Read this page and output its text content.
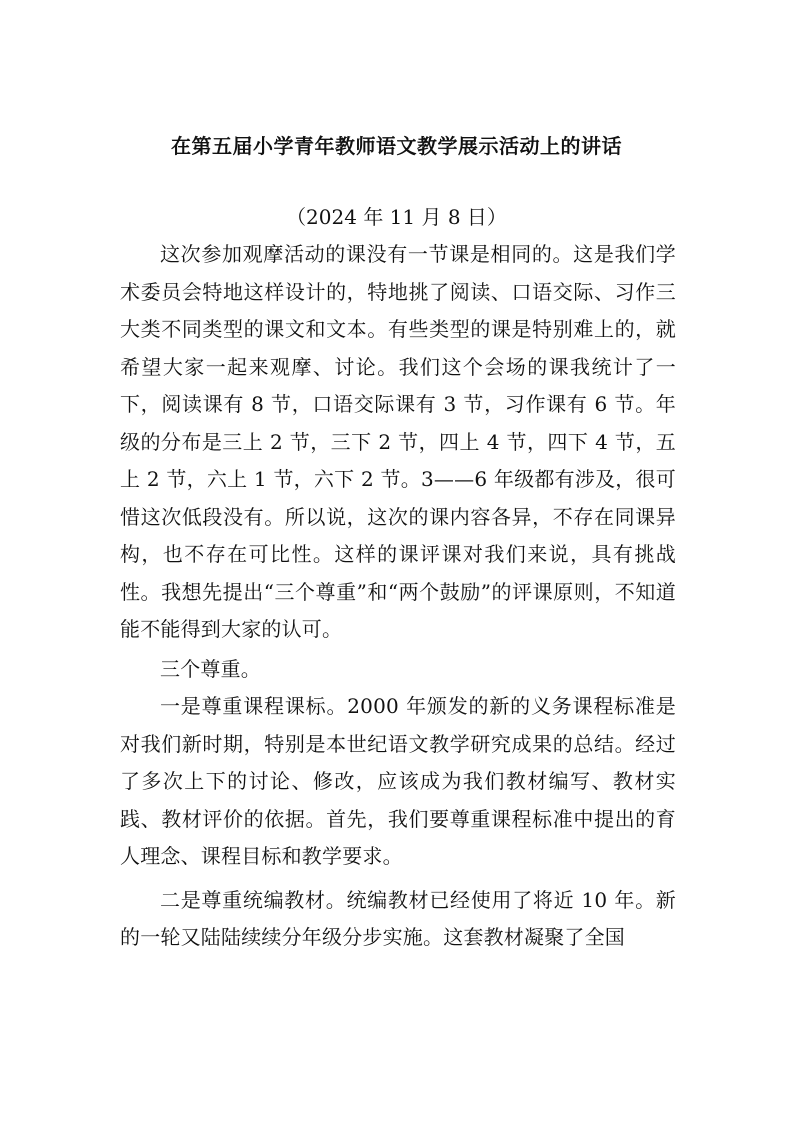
在第五届小学青年教师语文教学展示活动上的讲话
（2024 年 11 月 8 日）

这次参加观摩活动的课没有一节课是相同的。这是我们学术委员会特地这样设计的，特地挑了阅读、口语交际、习作三大类不同类型的课文和文本。有些类型的课是特别难上的，就希望大家一起来观摩、讨论。我们这个会场的课我统计了一下，阅读课有 8 节，口语交际课有 3 节，习作课有 6 节。年级的分布是三上 2 节，三下 2 节，四上 4 节，四下 4 节，五上 2 节，六上 1 节，六下 2 节。3——6 年级都有涉及，很可惜这次低段没有。所以说，这次的课内容各异，不存在同课异构，也不存在可比性。这样的课评课对我们来说，具有挑战性。我想先提出“三个尊重”和“两个鼓励”的评课原则，不知道能不能得到大家的认可。

三个尊重。

一是尊重课程课标。2000 年颁发的新的义务课程标准是对我们新时期，特别是本世纪语文教学研究成果的总结。经过了多次上下的讨论、修改，应该成为我们教材编写、教材实践、教材评价的依据。首先，我们要尊重课程标准中提出的育人理念、课程目标和教学要求。

二是尊重统编教材。统编教材已经使用了将近 10 年。新的一轮又陆陆续续分年级分步实施。这套教材凝聚了全国
